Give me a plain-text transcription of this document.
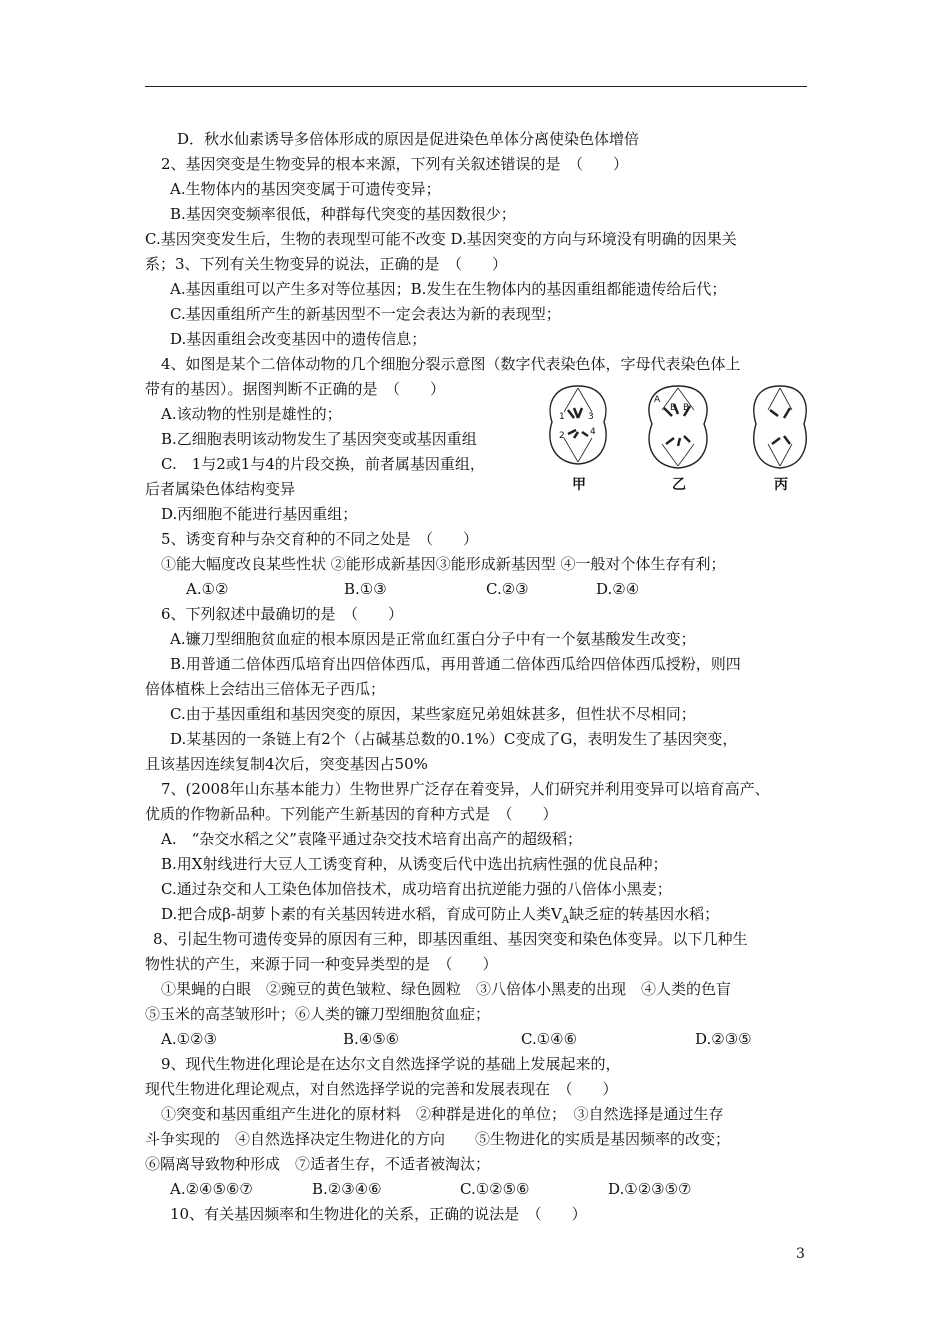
D．秋水仙素诱导多倍体形成的原因是促进染色单体分离使染色体增倍
2、基因突变是生物变异的根本来源，下列有关叙述错误的是　（　　）
A.生物体内的基因突变属于可遗传变异；
B.基因突变频率很低，种群每代突变的基因数很少；
C.基因突变发生后，生物的表现型可能不改变 D.基因突变的方向与环境没有明确的因果关
系；3、下列有关生物变异的说法，正确的是　（　　）
A.基因重组可以产生多对等位基因；B.发生在生物体内的基因重组都能遗传给后代；
C.基因重组所产生的新基因型不一定会表达为新的表现型；
D.基因重组会改变基因中的遗传信息；
4、如图是某个二倍体动物的几个细胞分裂示意图（数字代表染色体，字母代表染色体上
带有的基因）。据图判断不正确的是　（　　）
A.该动物的性别是雄性的；
B.乙细胞表明该动物发生了基因突变或基因重组
C.　1与2或1与4的片段交换，前者属基因重组，
后者属染色体结构变异
D.丙细胞不能进行基因重组；
5、诱变育种与杂交育种的不同之处是　（　　）
①能大幅度改良某些性状 ②能形成新基因③能形成新基因型 ④一般对个体生存有利；
A.①②	B.①③	C.②③	D.②④
6、下列叙述中最确切的是　（　　）
A.镰刀型细胞贫血症的根本原因是正常血红蛋白分子中有一个氨基酸发生改变；
B.用普通二倍体西瓜培育出四倍体西瓜，再用普通二倍体西瓜给四倍体西瓜授粉，则四
倍体植株上会结出三倍体无子西瓜；
C.由于基因重组和基因突变的原因，某些家庭兄弟姐妹甚多，但性状不尽相同；
D.某基因的一条链上有2个（占碱基总数的0.1%）C变成了G，表明发生了基因突变，
且该基因连续复制4次后，突变基因占50%
7、(2008年山东基本能力）生物世界广泛存在着变异，人们研究并利用变异可以培育高产、
优质的作物新品种。下列能产生新基因的育种方式是　（　　）
A.　“杂交水稻之父”袁隆平通过杂交技术培育出高产的超级稻；
B.用X射线进行大豆人工诱变育种，从诱变后代中选出抗病性强的优良品种；
C.通过杂交和人工染色体加倍技术，成功培育出抗逆能力强的八倍体小黑麦；
D.把合成β-胡萝卜素的有关基因转进水稻，育成可防止人类$V_A$缺乏症的转基因水稻；
8、引起生物可遗传变异的原因有三种，即基因重组、基因突变和染色体变异。以下几种生
物性状的产生，来源于同一种变异类型的是　（　　）
①果蝇的白眼　②豌豆的黄色皱粒、绿色圆粒　③八倍体小黑麦的出现　④人类的色盲
⑤玉米的高茎皱形叶；⑥人类的镰刀型细胞贫血症；
A.①②③	B.④⑤⑥	C.①④⑥	D.②③⑤
9、现代生物进化理论是在达尔文自然选择学说的基础上发展起来的，
现代生物进化理论观点，对自然选择学说的完善和发展表现在　（　　）
①突变和基因重组产生进化的原材料　②种群是进化的单位；　③自然选择是通过生存
斗争实现的　④自然选择决定生物进化的方向　　⑤生物进化的实质是基因频率的改变；
⑥隔离导致物种形成　⑦适者生存，不适者被淘汰；
A.②④⑤⑥⑦	B.②③④⑥	C.①②⑤⑥	D.①②③⑤⑦
10、有关基因频率和生物进化的关系，正确的说法是　（　　）
1	3
2	4
A
B B
甲	乙	丙
3
